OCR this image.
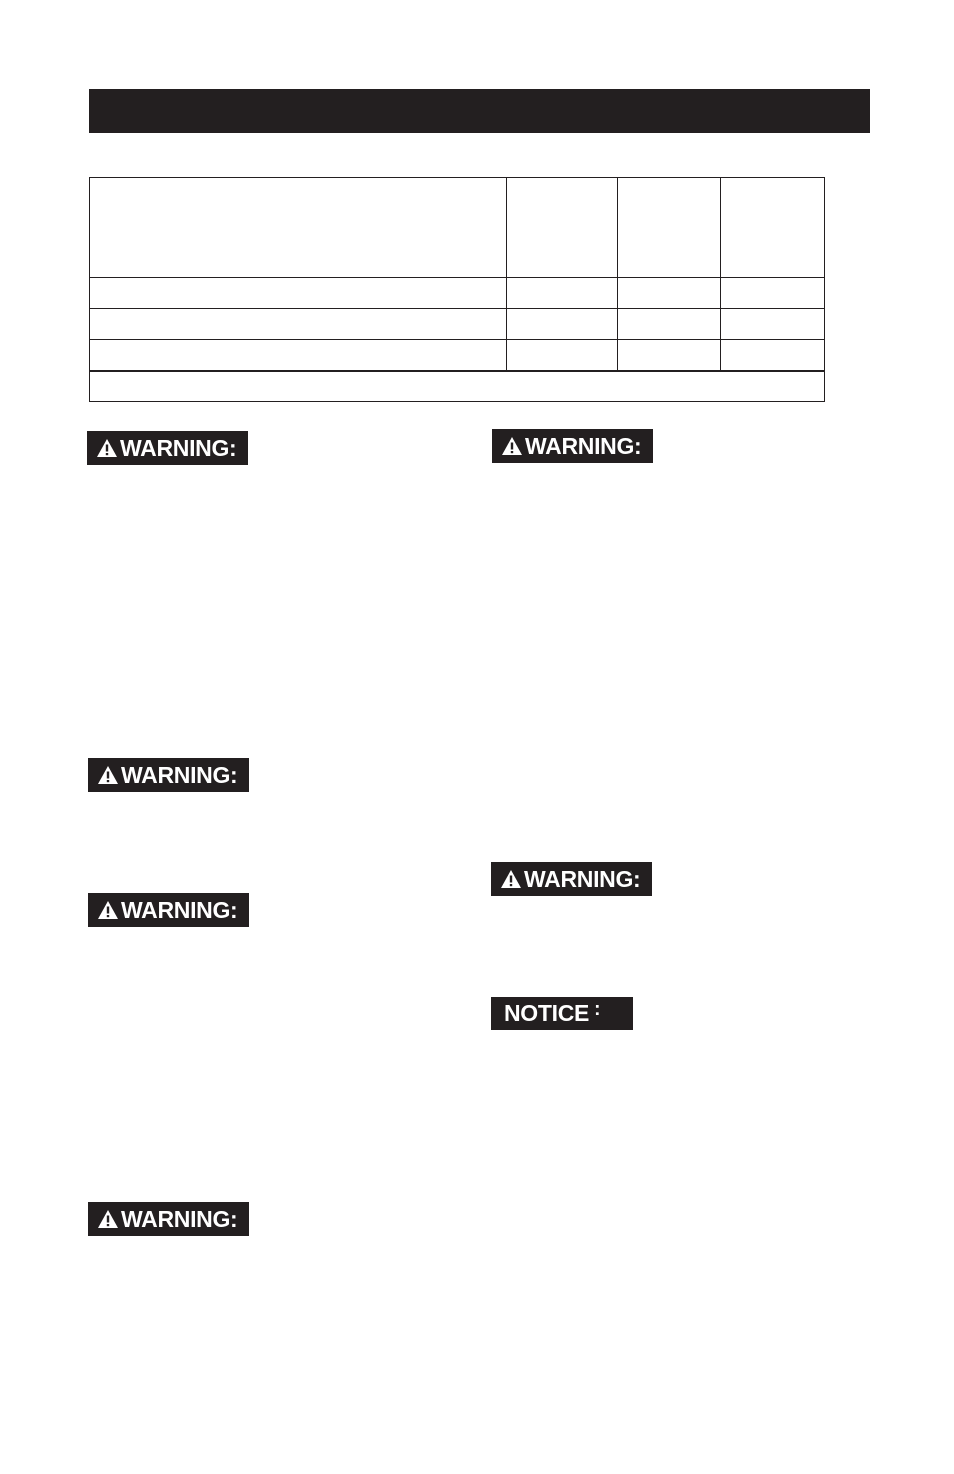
WARNING:
WARNING:
WARNING:
WARNING:
WARNING:
WARNING:
NOTICE :
